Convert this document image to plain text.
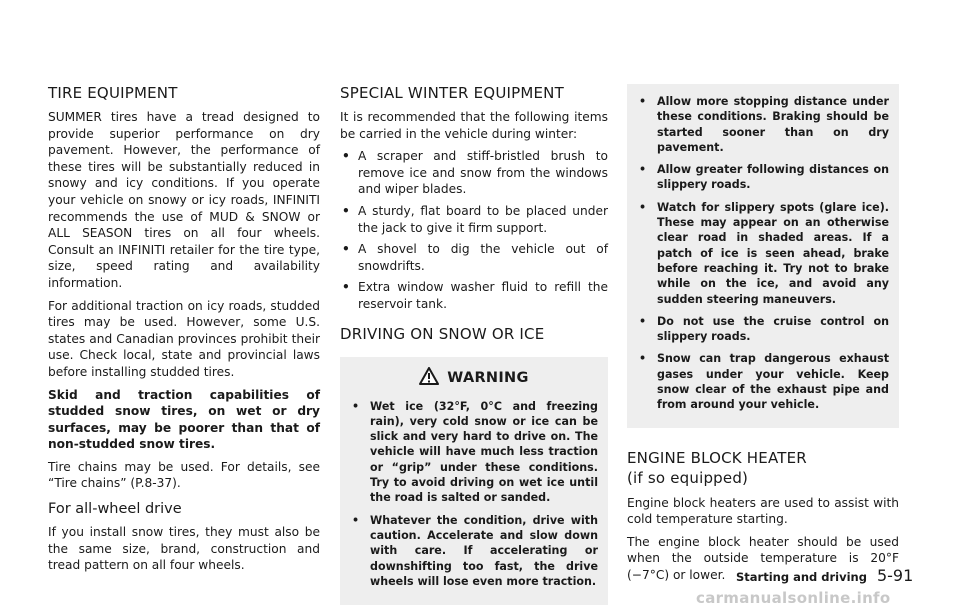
TIRE EQUIPMENT

SUMMER tires have a tread designed to provide superior performance on dry pavement. However, the performance of these tires will be substantially reduced in snowy and icy conditions. If you operate your vehicle on snowy or icy roads, INFINITI recommends the use of MUD & SNOW or ALL SEASON tires on all four wheels. Consult an INFINITI retailer for the tire type, size, speed rating and availability information.

For additional traction on icy roads, studded tires may be used. However, some U.S. states and Canadian provinces prohibit their use. Check local, state and provincial laws before installing studded tires.

Skid and traction capabilities of studded snow tires, on wet or dry surfaces, may be poorer than that of non-studded snow tires.

Tire chains may be used. For details, see “Tire chains” (P.8-37).

For all-wheel drive

If you install snow tires, they must also be the same size, brand, construction and tread pattern on all four wheels.

SPECIAL WINTER EQUIPMENT

It is recommended that the following items be carried in the vehicle during winter:

• A scraper and stiff-bristled brush to remove ice and snow from the windows and wiper blades.
• A sturdy, flat board to be placed under the jack to give it firm support.
• A shovel to dig the vehicle out of snowdrifts.
• Extra window washer fluid to refill the reservoir tank.
DRIVING ON SNOW OR ICE
WARNING
• Wet ice (32°F, 0°C and freezing rain), very cold snow or ice can be slick and very hard to drive on. The vehicle will have much less traction or “grip” under these conditions. Try to avoid driving on wet ice until the road is salted or sanded.
• Whatever the condition, drive with caution. Accelerate and slow down with care. If accelerating or downshifting too fast, the drive wheels will lose even more traction.
• Allow more stopping distance under these conditions. Braking should be started sooner than on dry pavement.
• Allow greater following distances on slippery roads.
• Watch for slippery spots (glare ice). These may appear on an otherwise clear road in shaded areas. If a patch of ice is seen ahead, brake before reaching it. Try not to brake while on the ice, and avoid any sudden steering maneuvers.
• Do not use the cruise control on slippery roads.
• Snow can trap dangerous exhaust gases under your vehicle. Keep snow clear of the exhaust pipe and from around your vehicle.
ENGINE BLOCK HEATER (if so equipped)

Engine block heaters are used to assist with cold temperature starting.

The engine block heater should be used when the outside temperature is 20°F (−7°C) or lower. Starting and driving 5-91
carmanualsonline.info
